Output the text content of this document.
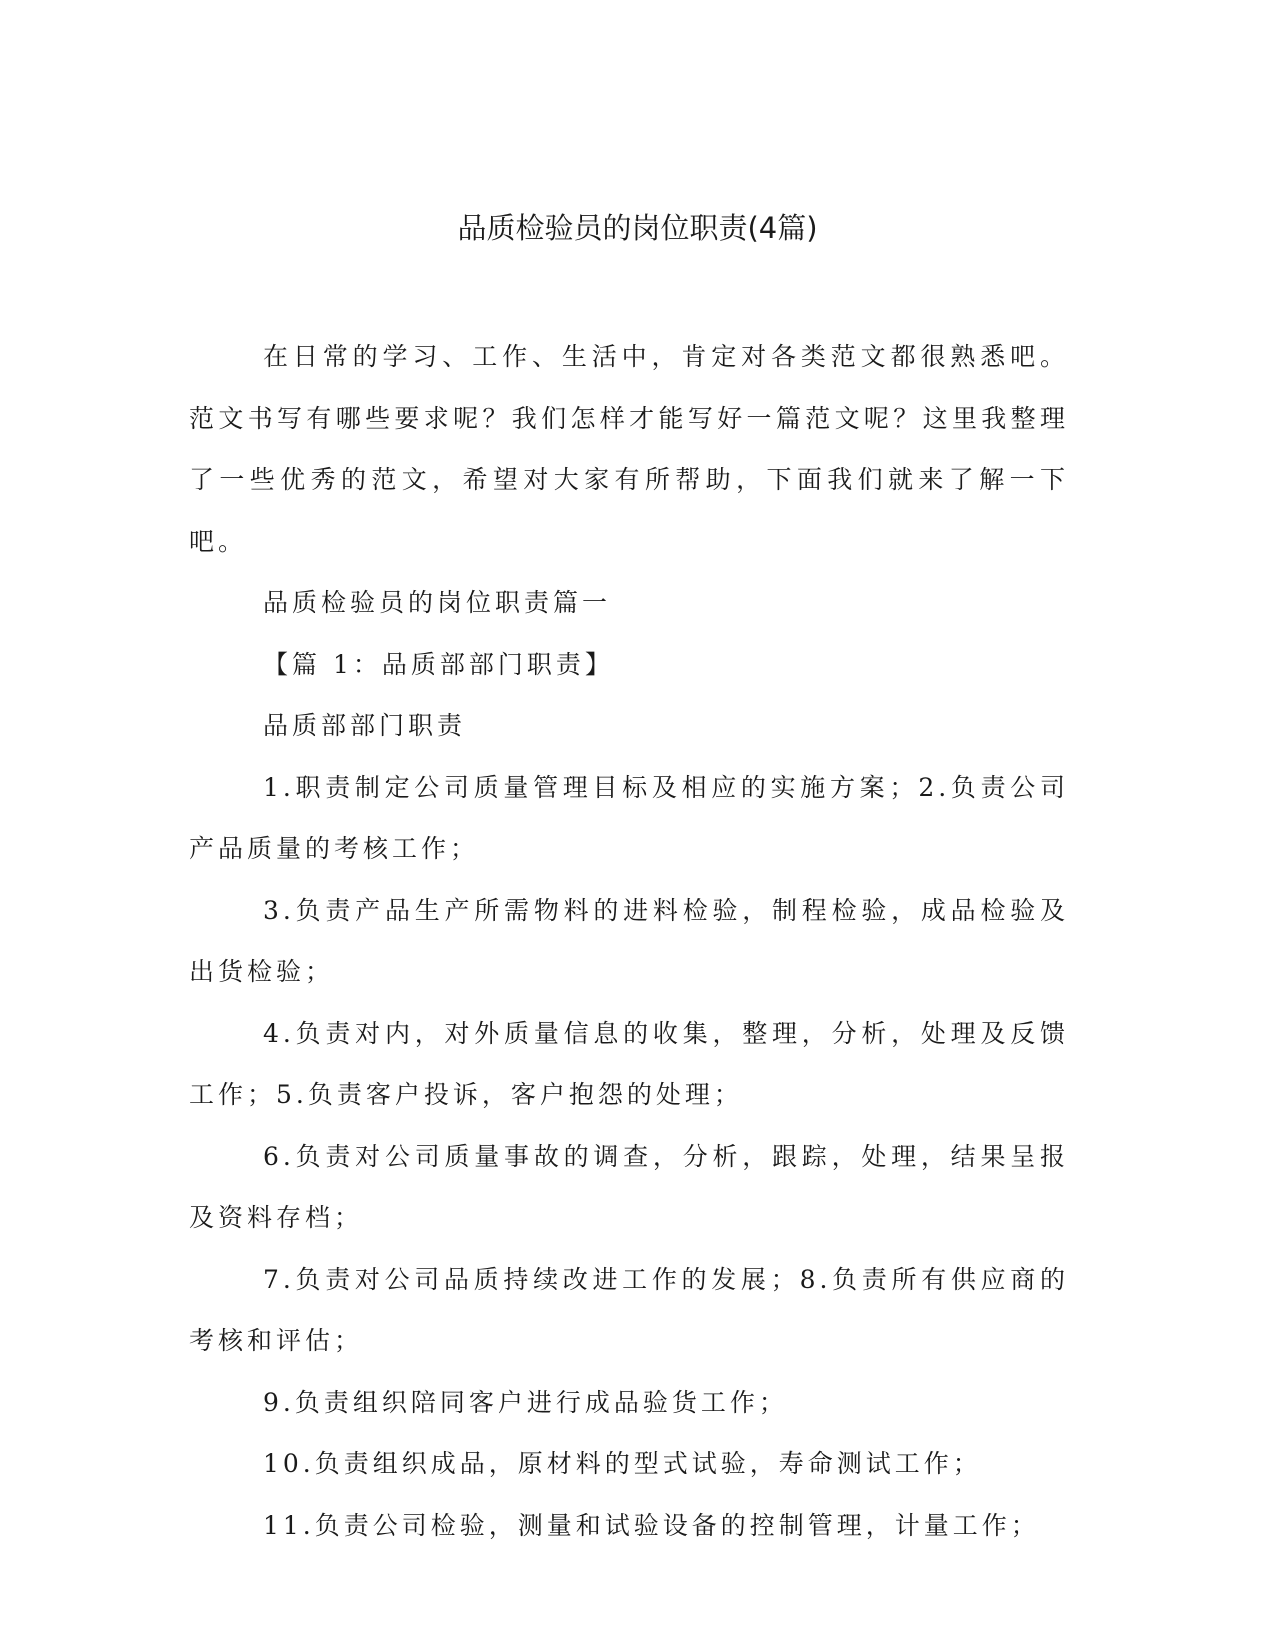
品质检验员的岗位职责(4篇)

在日常的学习、工作、生活中，肯定对各类范文都很熟悉吧。范文书写有哪些要求呢？我们怎样才能写好一篇范文呢？这里我整理了一些优秀的范文，希望对大家有所帮助，下面我们就来了解一下吧。

品质检验员的岗位职责篇一

【篇 1：品质部部门职责】

品质部部门职责

1.职责制定公司质量管理目标及相应的实施方案；2.负责公司产品质量的考核工作；

3.负责产品生产所需物料的进料检验，制程检验，成品检验及出货检验；

4.负责对内，对外质量信息的收集，整理，分析，处理及反馈工作；5.负责客户投诉，客户抱怨的处理；

6.负责对公司质量事故的调查，分析，跟踪，处理，结果呈报及资料存档；

7.负责对公司品质持续改进工作的发展；8.负责所有供应商的考核和评估；

9.负责组织陪同客户进行成品验货工作；

10.负责组织成品，原材料的型式试验，寿命测试工作；

11.负责公司检验，测量和试验设备的控制管理，计量工作；
